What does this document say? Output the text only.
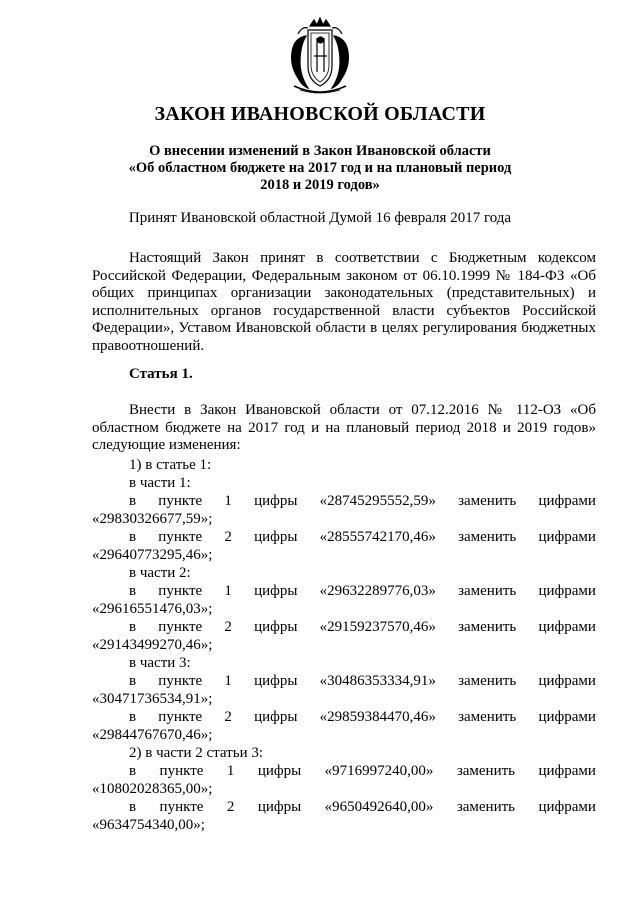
ЗАКОН ИВАНОВСКОЙ ОБЛАСТИ
О внесении изменений в Закон Ивановской области
«Об областном бюджете на 2017 год и на плановый период
2018 и 2019 годов»
Принят Ивановской областной Думой 16 февраля 2017 года
Настоящий Закон принят в соответствии с Бюджетным кодексом Российской Федерации, Федеральным законом от 06.10.1999 № 184-ФЗ «Об общих принципах организации законодательных (представительных) и исполнительных органов государственной власти субъектов Российской Федерации», Уставом Ивановской области в целях регулирования бюджетных правоотношений.
Статья 1.
Внести в Закон Ивановской области от 07.12.2016 № 112-ОЗ «Об областном бюджете на 2017 год и на плановый период 2018 и 2019 годов» следующие изменения:
1) в статье 1:
в части 1:
в пункте 1 цифры «28745295552,59» заменить цифрами
«29830326677,59»;
в пункте 2 цифры «28555742170,46» заменить цифрами
«29640773295,46»;
в части 2:
в пункте 1 цифры «29632289776,03» заменить цифрами
«29616551476,03»;
в пункте 2 цифры «29159237570,46» заменить цифрами
«29143499270,46»;
в части 3:
в пункте 1 цифры «30486353334,91» заменить цифрами
«30471736534,91»;
в пункте 2 цифры «29859384470,46» заменить цифрами
«29844767670,46»;
2) в части 2 статьи 3:
в пункте 1 цифры «9716997240,00» заменить цифрами
«10802028365,00»;
в пункте 2 цифры «9650492640,00» заменить цифрами
«9634754340,00»;
